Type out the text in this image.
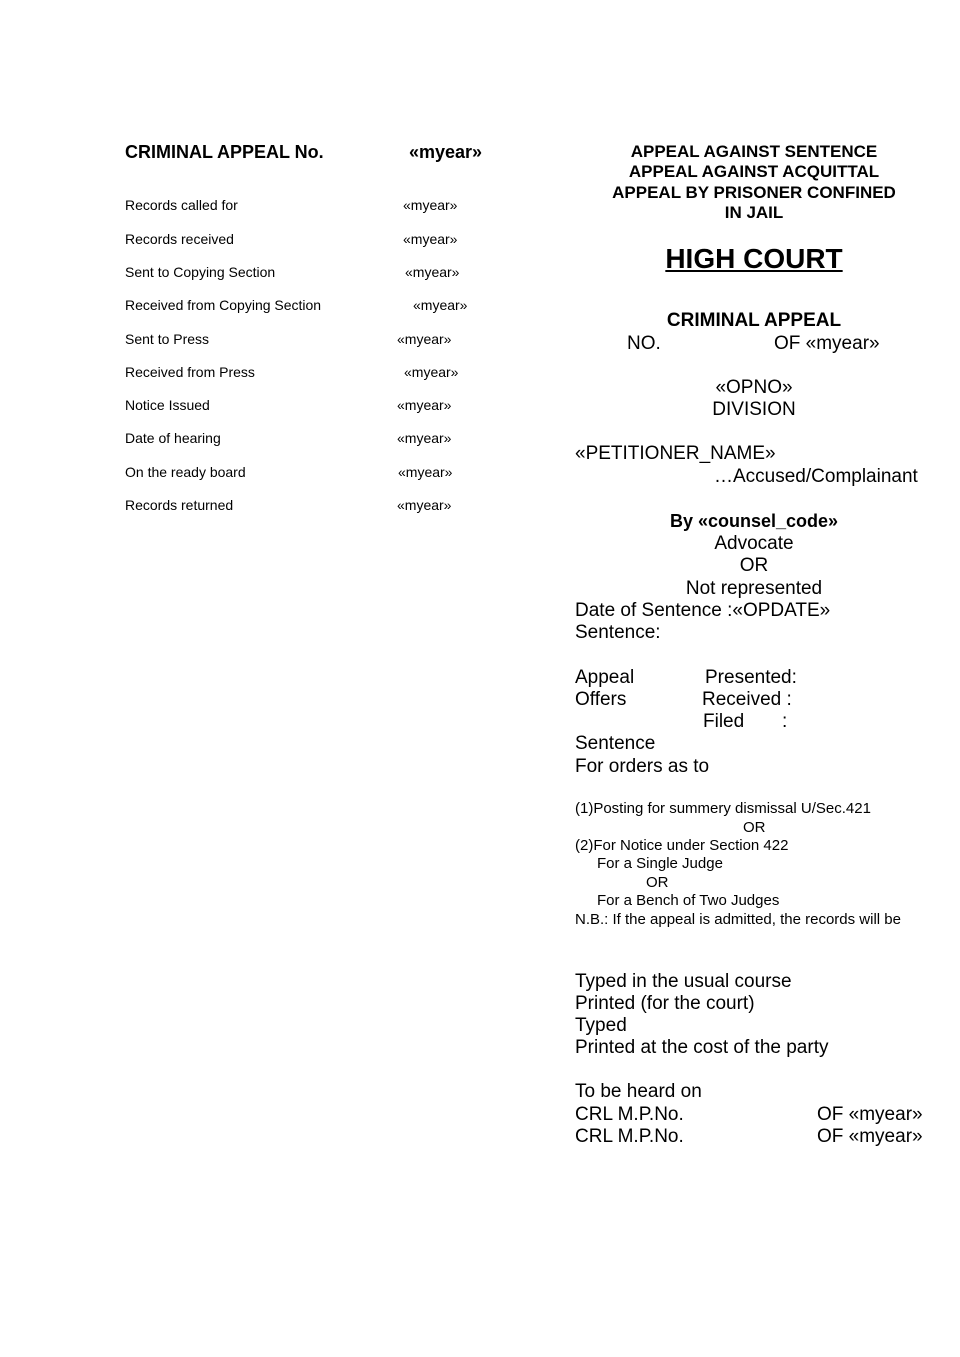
CRIMINAL APPEAL No.	«myear»
Records called for	«myear»
Records received	«myear»
Sent to Copying Section	«myear»
Received from Copying Section	«myear»
Sent to Press	«myear»
Received from Press	«myear»
Notice Issued	«myear»
Date of hearing	«myear»
On the ready board	«myear»
Records returned	«myear»
APPEAL AGAINST SENTENCE
APPEAL AGAINST ACQUITTAL
APPEAL BY PRISONER CONFINED
IN JAIL
HIGH COURT
CRIMINAL APPEAL
NO.	OF «myear»
«OPNO»
DIVISION
«PETITIONER_NAME»
…Accused/Complainant
By «counsel_code»
Advocate
OR
Not represented
Date of Sentence :«OPDATE»
Sentence:
Appeal	Presented:
Offers	Received :
Filed :
Sentence
For orders as to
(1)Posting for summery dismissal U/Sec.421
OR
(2)For Notice under Section 422
For a Single Judge
OR
For a Bench of Two Judges
N.B.: If the appeal is admitted, the records will be
Typed in the usual course
Printed (for the court)
Typed
Printed at the cost of the party
To be heard on
CRL M.P.No.	OF «myear»
CRL M.P.No.	OF «myear»
